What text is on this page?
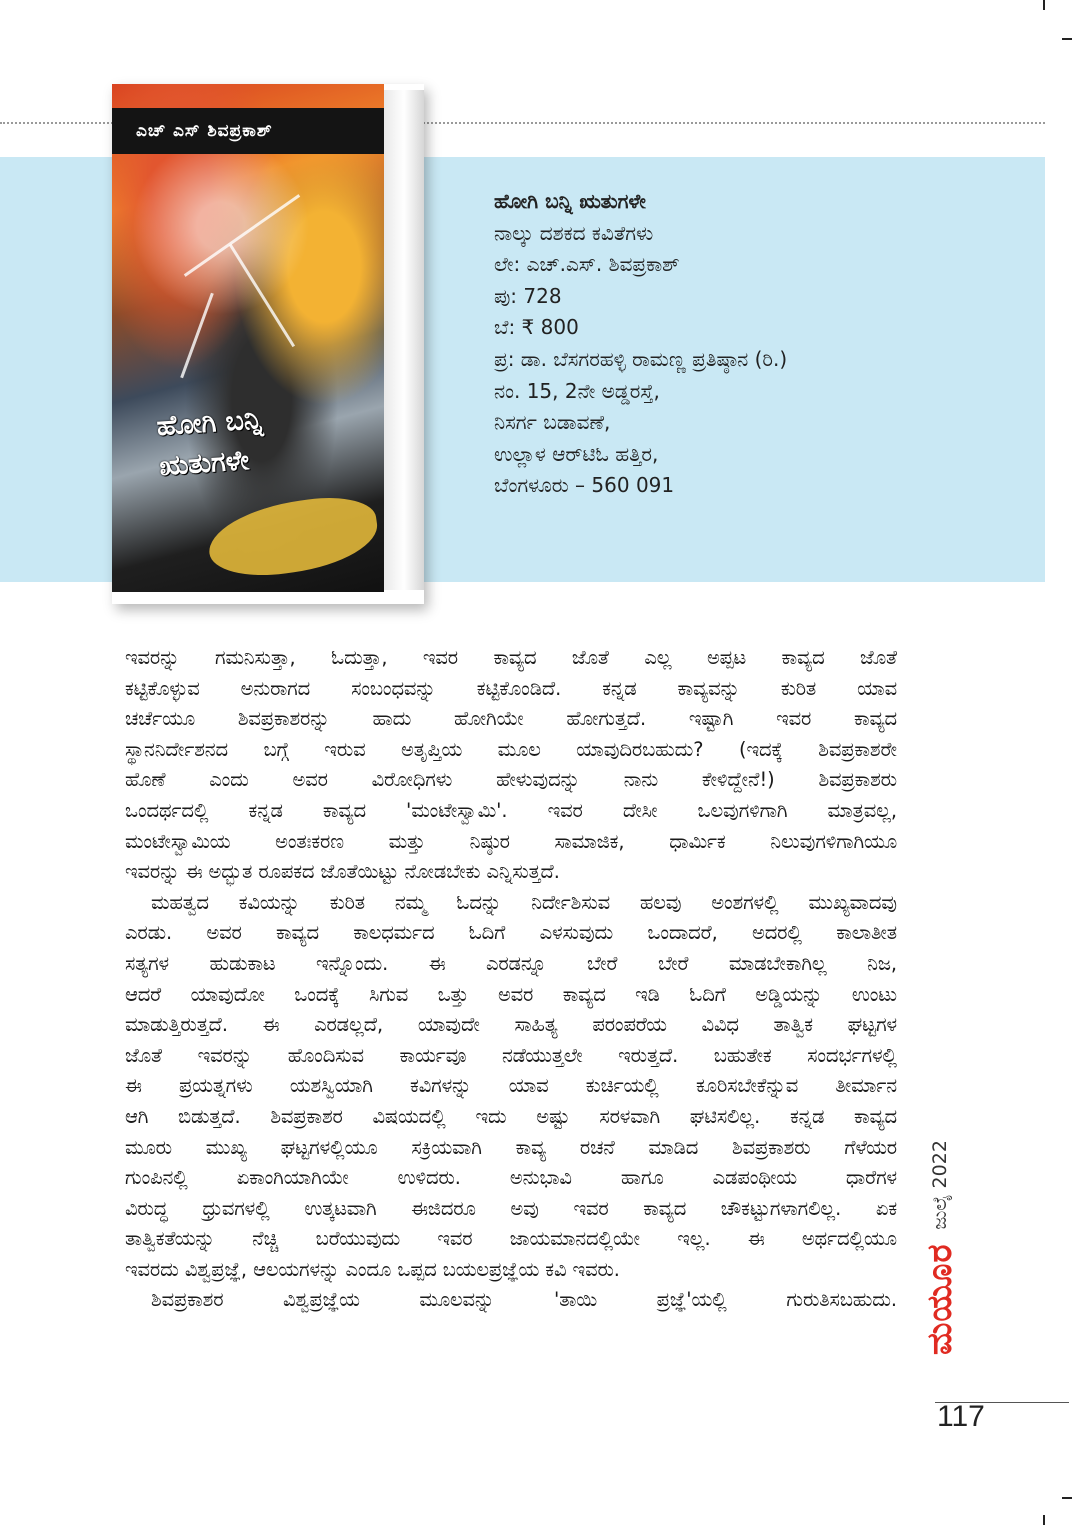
ಎಚ್ ಎಸ್ ಶಿವಪ್ರಕಾಶ್
ಹೋಗಿ ಬನ್ನಿ
ಋತುಗಳೇ
ಹೋಗಿ ಬನ್ನಿ ಋತುಗಳೇ
ನಾಲ್ಕು ದಶಕದ ಕವಿತೆಗಳು
ಲೇ: ಎಚ್.ಎಸ್. ಶಿವಪ್ರಕಾಶ್
ಪು: 728
ಬೆ: ₹ 800
ಪ್ರ: ಡಾ. ಬೆಸಗರಹಳ್ಳಿ ರಾಮಣ್ಣ ಪ್ರತಿಷ್ಠಾನ (ರಿ.)
ನಂ. 15, 2ನೇ ಅಡ್ಡರಸ್ತೆ,
ನಿಸರ್ಗ ಬಡಾವಣೆ,
ಉಲ್ಲಾಳ ಆರ್‌ಟಿಓ ಹತ್ತಿರ,
ಬೆಂಗಳೂರು – 560 091

ಇವರನ್ನು ಗಮನಿಸುತ್ತಾ, ಓದುತ್ತಾ, ಇವರ ಕಾವ್ಯದ ಜೊತೆ ಎಲ್ಲ ಅಪ್ಪಟ ಕಾವ್ಯದ ಜೊತೆ

ಕಟ್ಟಿಕೊಳ್ಳುವ ಅನುರಾಗದ ಸಂಬಂಧವನ್ನು ಕಟ್ಟಿಕೊಂಡಿದೆ. ಕನ್ನಡ ಕಾವ್ಯವನ್ನು ಕುರಿತ ಯಾವ

ಚರ್ಚೆಯೂ ಶಿವಪ್ರಕಾಶರನ್ನು ಹಾದು ಹೋಗಿಯೇ ಹೋಗುತ್ತದೆ. ಇಷ್ಟಾಗಿ ಇವರ ಕಾವ್ಯದ

ಸ್ಥಾನನಿರ್ದೇಶನದ ಬಗ್ಗೆ ಇರುವ ಅತೃಪ್ತಿಯ ಮೂಲ ಯಾವುದಿರಬಹುದು? (ಇದಕ್ಕೆ ಶಿವಪ್ರಕಾಶರೇ

ಹೊಣೆ ಎಂದು ಅವರ ವಿರೋಧಿಗಳು ಹೇಳುವುದನ್ನು ನಾನು ಕೇಳಿದ್ದೇನೆ!) ಶಿವಪ್ರಕಾಶರು

ಒಂದರ್ಥದಲ್ಲಿ ಕನ್ನಡ ಕಾವ್ಯದ 'ಮಂಟೇಸ್ವಾಮಿ'. ಇವರ ದೇಸೀ ಒಲವುಗಳಿಗಾಗಿ ಮಾತ್ರವಲ್ಲ,

ಮಂಟೇಸ್ವಾಮಿಯ ಅಂತಃಕರಣ ಮತ್ತು ನಿಷ್ಠುರ ಸಾಮಾಜಿಕ, ಧಾರ್ಮಿಕ ನಿಲುವುಗಳಿಗಾಗಿಯೂ

ಇವರನ್ನು ಈ ಅದ್ಭುತ ರೂಪಕದ ಜೊತೆಯಿಟ್ಟು ನೋಡಬೇಕು ಎನ್ನಿಸುತ್ತದೆ.

ಮಹತ್ವದ ಕವಿಯನ್ನು ಕುರಿತ ನಮ್ಮ ಓದನ್ನು ನಿರ್ದೇಶಿಸುವ ಹಲವು ಅಂಶಗಳಲ್ಲಿ ಮುಖ್ಯವಾದವು

ಎರಡು. ಅವರ ಕಾವ್ಯದ ಕಾಲಧರ್ಮದ ಓದಿಗೆ ಎಳಸುವುದು ಒಂದಾದರೆ, ಅದರಲ್ಲಿ ಕಾಲಾತೀತ

ಸತ್ಯಗಳ ಹುಡುಕಾಟ ಇನ್ನೊಂದು. ಈ ಎರಡನ್ನೂ ಬೇರೆ ಬೇರೆ ಮಾಡಬೇಕಾಗಿಲ್ಲ ನಿಜ,

ಆದರೆ ಯಾವುದೋ ಒಂದಕ್ಕೆ ಸಿಗುವ ಒತ್ತು ಅವರ ಕಾವ್ಯದ ಇಡಿ ಓದಿಗೆ ಅಡ್ಡಿಯನ್ನು ಉಂಟು

ಮಾಡುತ್ತಿರುತ್ತದೆ. ಈ ಎರಡಲ್ಲದೆ, ಯಾವುದೇ ಸಾಹಿತ್ಯ ಪರಂಪರೆಯ ವಿವಿಧ ತಾತ್ವಿಕ ಘಟ್ಟಗಳ

ಜೊತೆ ಇವರನ್ನು ಹೊಂದಿಸುವ ಕಾರ್ಯವೂ ನಡೆಯುತ್ತಲೇ ಇರುತ್ತದೆ. ಬಹುತೇಕ ಸಂದರ್ಭಗಳಲ್ಲಿ

ಈ ಪ್ರಯತ್ನಗಳು ಯಶಸ್ವಿಯಾಗಿ ಕವಿಗಳನ್ನು ಯಾವ ಕುರ್ಚಿಯಲ್ಲಿ ಕೂರಿಸಬೇಕೆನ್ನುವ ತೀರ್ಮಾನ

ಆಗಿ ಬಿಡುತ್ತದೆ. ಶಿವಪ್ರಕಾಶರ ವಿಷಯದಲ್ಲಿ ಇದು ಅಷ್ಟು ಸರಳವಾಗಿ ಘಟಿಸಲಿಲ್ಲ. ಕನ್ನಡ ಕಾವ್ಯದ

ಮೂರು ಮುಖ್ಯ ಘಟ್ಟಗಳಲ್ಲಿಯೂ ಸಕ್ರಿಯವಾಗಿ ಕಾವ್ಯ ರಚನೆ ಮಾಡಿದ ಶಿವಪ್ರಕಾಶರು ಗೆಳೆಯರ

ಗುಂಪಿನಲ್ಲಿ ಏಕಾಂಗಿಯಾಗಿಯೇ ಉಳಿದರು. ಅನುಭಾವಿ ಹಾಗೂ ಎಡಪಂಥೀಯ ಧಾರೆಗಳ

ವಿರುದ್ಧ ಧ್ರುವಗಳಲ್ಲಿ ಉತ್ಕಟವಾಗಿ ಈಜಿದರೂ ಅವು ಇವರ ಕಾವ್ಯದ ಚೌಕಟ್ಟುಗಳಾಗಲಿಲ್ಲ. ಏಕ

ತಾತ್ವಿಕತೆಯನ್ನು ನೆಚ್ಚಿ ಬರೆಯುವುದು ಇವರ ಜಾಯಮಾನದಲ್ಲಿಯೇ ಇಲ್ಲ. ಈ ಅರ್ಥದಲ್ಲಿಯೂ

ಇವರದು ವಿಶ್ವಪ್ರಜ್ಞೆ, ಆಲಯಗಳನ್ನು ಎಂದೂ ಒಪ್ಪದ ಬಯಲಪ್ರಜ್ಞೆಯ ಕವಿ ಇವರು.

ಶಿವಪ್ರಕಾಶರ ವಿಶ್ವಪ್ರಜ್ಞೆಯ ಮೂಲವನ್ನು 'ತಾಯಿ ಪ್ರಜ್ಞೆ'ಯಲ್ಲಿ ಗುರುತಿಸಬಹುದು. ಮಯೂರ
ಜುಲೈ 2022
117
